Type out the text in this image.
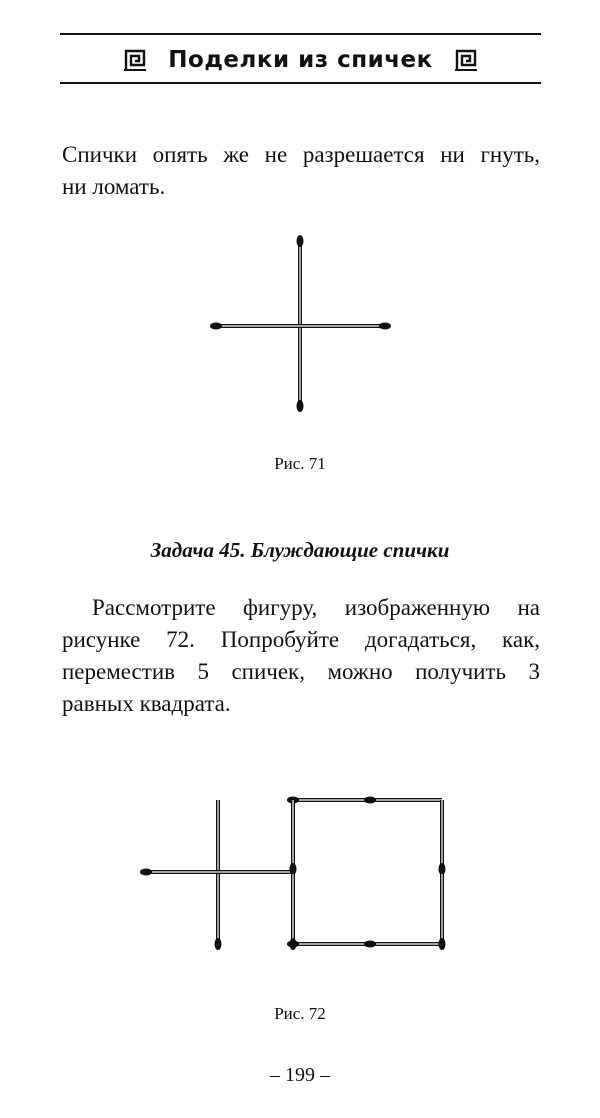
Поделки из спичек
Спички опять же не разрешается ни гнуть,
ни ломать.
Рис. 71
Задача 45. Блуждающие спички
Рассмотрите фигуру, изображенную на
рисунке 72. Попробуйте догадаться, как,
переместив 5 спичек, можно получить 3
равных квадрата.
Рис. 72
– 199 –
